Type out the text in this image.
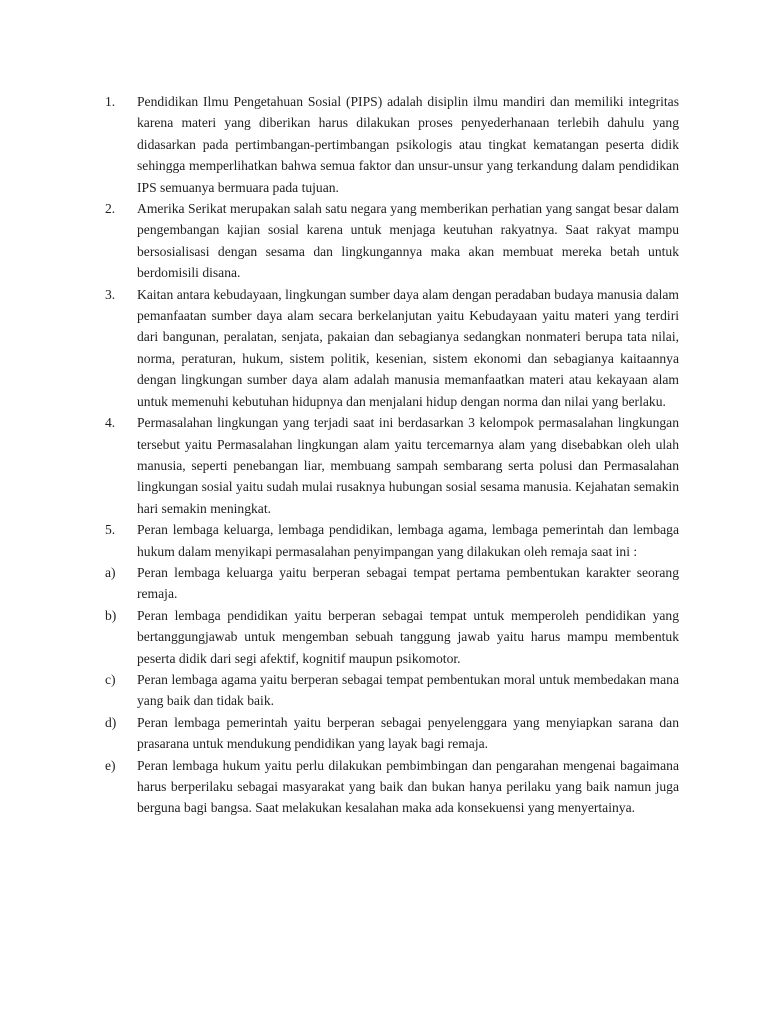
1.	Pendidikan Ilmu Pengetahuan Sosial (PIPS) adalah disiplin ilmu mandiri dan memiliki integritas karena materi yang diberikan harus dilakukan proses penyederhanaan terlebih dahulu yang didasarkan pada pertimbangan-pertimbangan psikologis atau tingkat kematangan peserta didik sehingga memperlihatkan bahwa semua faktor dan unsur-unsur yang terkandung dalam pendidikan IPS semuanya bermuara pada tujuan.
2.	Amerika Serikat merupakan salah satu negara yang memberikan perhatian yang sangat besar dalam pengembangan kajian sosial karena untuk menjaga keutuhan rakyatnya. Saat rakyat mampu bersosialisasi dengan sesama dan lingkungannya maka akan membuat mereka betah untuk berdomisili disana.
3.	Kaitan antara kebudayaan, lingkungan sumber daya alam dengan peradaban budaya manusia dalam pemanfaatan sumber daya alam secara berkelanjutan yaitu Kebudayaan yaitu materi yang terdiri dari bangunan, peralatan, senjata, pakaian dan sebagianya sedangkan nonmateri berupa tata nilai, norma, peraturan, hukum, sistem politik, kesenian, sistem ekonomi dan sebagianya kaitaannya dengan lingkungan sumber daya alam adalah manusia memanfaatkan materi atau kekayaan alam untuk memenuhi kebutuhan hidupnya dan menjalani hidup dengan norma dan nilai yang berlaku.
4.	Permasalahan lingkungan yang terjadi saat ini berdasarkan 3 kelompok permasalahan lingkungan tersebut yaitu Permasalahan lingkungan alam yaitu tercemarnya alam yang disebabkan oleh ulah manusia, seperti penebangan liar, membuang sampah sembarang serta polusi dan Permasalahan lingkungan sosial yaitu sudah mulai rusaknya hubungan sosial sesama manusia. Kejahatan semakin hari semakin meningkat.
5.	Peran lembaga keluarga, lembaga pendidikan, lembaga agama, lembaga pemerintah dan lembaga hukum dalam menyikapi permasalahan penyimpangan yang dilakukan oleh remaja saat ini :
a)	Peran lembaga keluarga yaitu berperan sebagai tempat pertama pembentukan karakter seorang remaja.
b)	Peran lembaga pendidikan yaitu berperan sebagai tempat untuk memperoleh pendidikan yang bertanggungjawab untuk mengemban sebuah tanggung jawab yaitu harus mampu membentuk peserta didik dari segi afektif, kognitif maupun psikomotor.
c)	Peran lembaga agama yaitu berperan sebagai tempat pembentukan moral untuk membedakan mana yang baik dan tidak baik.
d)	Peran lembaga pemerintah yaitu berperan sebagai penyelenggara yang menyiapkan sarana dan prasarana untuk mendukung pendidikan yang layak bagi remaja.
e)	Peran lembaga hukum yaitu perlu dilakukan pembimbingan dan pengarahan mengenai bagaimana harus berperilaku sebagai masyarakat yang baik dan bukan hanya perilaku yang baik namun juga berguna bagi bangsa. Saat melakukan kesalahan maka ada konsekuensi yang menyertainya.
